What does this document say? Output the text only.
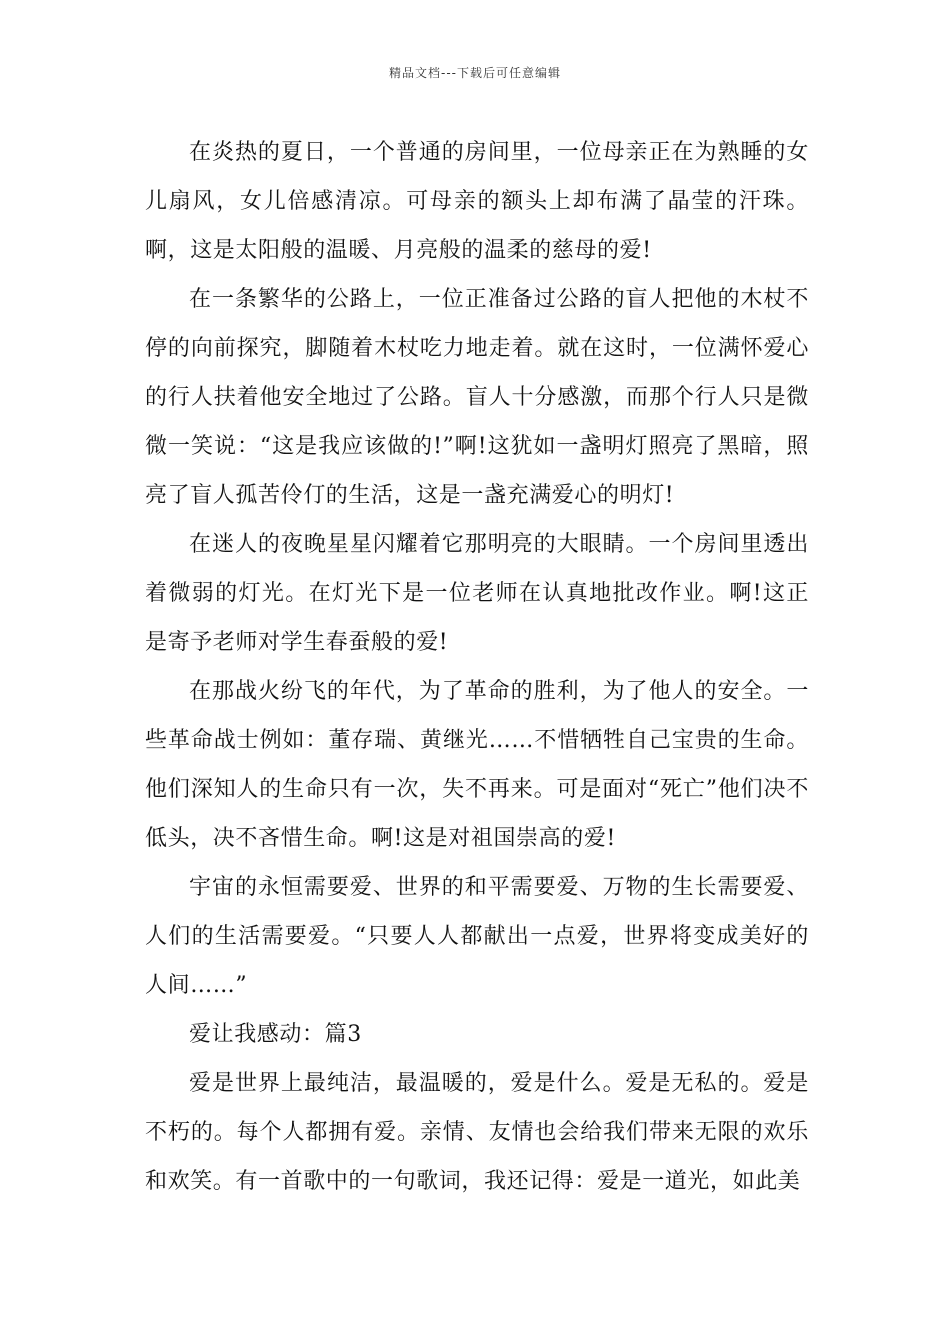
精品文档---下载后可任意编辑

在炎热的夏日，一个普通的房间里，一位母亲正在为熟睡的女儿扇风，女儿倍感清凉。可母亲的额头上却布满了晶莹的汗珠。啊，这是太阳般的温暖、月亮般的温柔的慈母的爱!

在一条繁华的公路上，一位正准备过公路的盲人把他的木杖不停的向前探究，脚随着木杖吃力地走着。就在这时，一位满怀爱心的行人扶着他安全地过了公路。盲人十分感激，而那个行人只是微微一笑说：“这是我应该做的!”啊!这犹如一盏明灯照亮了黑暗，照亮了盲人孤苦伶仃的生活，这是一盏充满爱心的明灯!

在迷人的夜晚星星闪耀着它那明亮的大眼睛。一个房间里透出着微弱的灯光。在灯光下是一位老师在认真地批改作业。啊!这正是寄予老师对学生春蚕般的爱!

在那战火纷飞的年代，为了革命的胜利，为了他人的安全。一些革命战士例如：董存瑞、黄继光……不惜牺牲自己宝贵的生命。他们深知人的生命只有一次，失不再来。可是面对“死亡”他们决不低头，决不吝惜生命。啊!这是对祖国崇高的爱!

宇宙的永恒需要爱、世界的和平需要爱、万物的生长需要爱、人们的生活需要爱。“只要人人都献出一点爱，世界将变成美好的人间……”

爱让我感动：篇3

爱是世界上最纯洁，最温暖的，爱是什么。爱是无私的。爱是不朽的。每个人都拥有爱。亲情、友情也会给我们带来无限的欢乐和欢笑。有一首歌中的一句歌词，我还记得：爱是一道光，如此美
